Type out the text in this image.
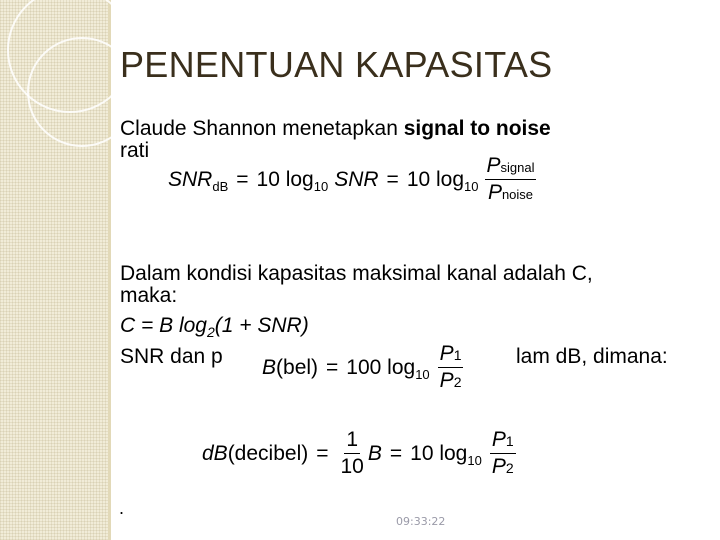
PENENTUAN KAPASITAS
Claude Shannon menetapkan signal to noise
rati
SNR dB = 10 log 10 SNR = 10 $\log 10 \frac{\text{Psignal}}{\text{Pnoise}}$
Dalam kondisi kapasitas maksimal kanal adalah C,
maka:
C = B $\log_2(1 + SNR)$
SNR dan p	lam dB, dimana:
B (bel) = 100 $\log 10 \frac{P1}{P2}$
dB (decibel) = $\frac{1}{10}$ B = 10 $\log 10 \frac{P1}{P2}$
.
09:33:22
